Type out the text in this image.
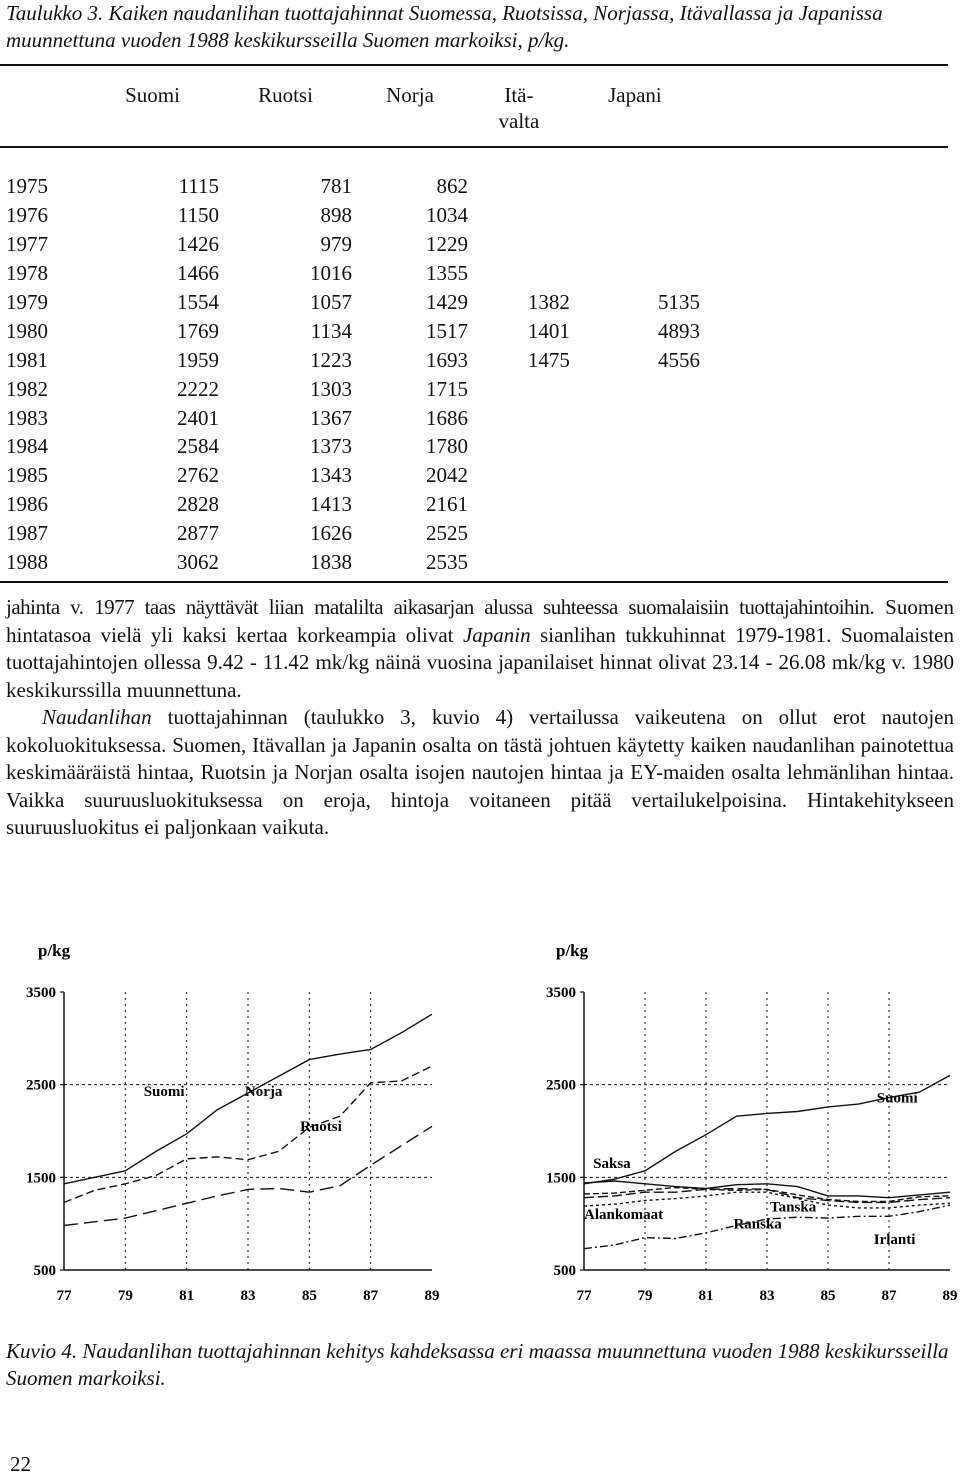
Taulukko 3. Kaiken naudanlihan tuottajahinnat Suomessa, Ruotsissa, Norjassa, Itävallassa ja Japanissa muunnettuna vuoden 1988 keskikursseilla Suomen markoiksi, p/kg.
	Suomi	Ruotsi	Norja	Itä-
valta	Japani
1975	1115	781	862		
1976	1150	898	1034		
1977	1426	979	1229		
1978	1466	1016	1355		
1979	1554	1057	1429	1382	5135
1980	1769	1134	1517	1401	4893
1981	1959	1223	1693	1475	4556
1982	2222	1303	1715		
1983	2401	1367	1686		
1984	2584	1373	1780		
1985	2762	1343	2042		
1986	2828	1413	2161		
1987	2877	1626	2525		
1988	3062	1838	2535		

jahinta v. 1977 taas näyttävät liian matalilta aikasarjan alussa suhteessa suomalaisiin tuottajahintoihin. Suomen hintatasoa vielä yli kaksi kertaa korkeampia olivat Japanin sianlihan tukkuhinnat 1979-1981. Suomalaisten tuottajahintojen ollessa 9.42 - 11.42 mk/kg näinä vuosina japanilaiset hinnat olivat 23.14 - 26.08 mk/kg v. 1980 keskikurssilla muunnettuna.

Naudanlihan tuottajahinnan (taulukko 3, kuvio 4) vertailussa vaikeutena on ollut erot nautojen kokoluokituksessa. Suomen, Itävallan ja Japanin osalta on tästä johtuen käytetty kaiken naudanlihan painotettua keskimääräistä hintaa, Ruotsin ja Norjan osalta isojen nautojen hintaa ja EY-maiden osalta lehmänlihan hintaa. Vaikka suuruusluokituksessa on eroja, hintoja voitaneen pitää vertailukelpoisina. Hintakehitykseen suuruusluokitus ei paljonkaan vaikuta.

p/kg
77	79	81	83	85	87	89
3500
2500
1500
500
Suomi	Norja
Ruotsi
p/kg
77	79	81	83	85	87	89
3500
2500
1500
500
Suomi
Saksa
Alankomaat
Ranska
Tanska
Irlanti
Kuvio 4. Naudanlihan tuottajahinnan kehitys kahdeksassa eri maassa muunnettuna vuoden 1988 keskikursseilla Suomen markoiksi.
22
